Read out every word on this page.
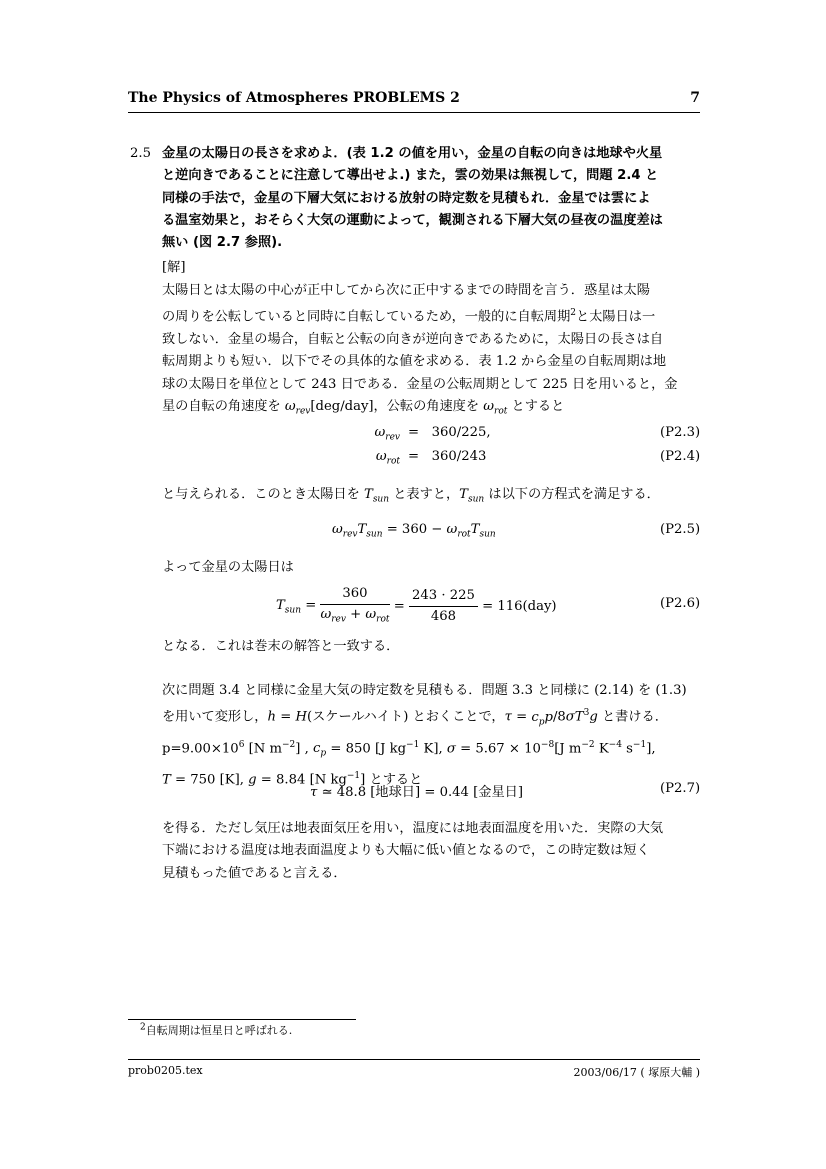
The Physics of Atmospheres PROBLEMS 2	7
2.5 金星の太陽日の長さを求めよ．(表 1.2 の値を用い，金星の自転の向きは地球や火星
と逆向きであることに注意して導出せよ.) また，雲の効果は無視して，問題 2.4 と
同様の手法で，金星の下層大気における放射の時定数を見積もれ．金星では雲によ
る温室効果と，おそらく大気の運動によって，観測される下層大気の昼夜の温度差は
無い (図 2.7 参照).
[解]
太陽日とは太陽の中心が正中してから次に正中するまでの時間を言う．惑星は太陽
の周りを公転していると同時に自転しているため，一般的に自転周期$^2$と太陽日は一
致しない．金星の場合，自転と公転の向きが逆向きであるために，太陽日の長さは自
転周期よりも短い．以下でその具体的な値を求める．表 1.2 から金星の自転周期は地
球の太陽日を単位として 243 日である．金星の公転周期として 225 日を用いると，金
星の自転の角速度を $\omega_{rev}[deg/day]$，公転の角速度を $\omega_{rot}$ とすると
$\omega_{rev} = 360/225$,	(P2.3)
$\omega_{rot} = 360/243$	(P2.4)
と与えられる．このとき太陽日を $T_{sun}$ と表すと，$T_{sun}$ は以下の方程式を満足する．
$\omega_{rev}T_{sun} = 360 - \omega_{rot}T_{sun}$	(P2.5)
よって金星の太陽日は
$T_{sun} = \frac{360}{\omega_{rev} + \omega_{rot}} = \frac{243 \cdot 225}{468} = 116(day)$	(P2.6)
となる．これは巻末の解答と一致する．
次に問題 3.4 と同様に金星大気の時定数を見積もる．問題 3.3 と同様に (2.14) を (1.3)
を用いて変形し，h = H(スケールハイト) とおくことで，$\tau = c_pp/8\sigma T^3g$ と書ける．
$p=9.00\times 10^6$ [N $m^{-2}$] , $c_p = 850$ [J $kg^{-1}$ K], $\sigma = 5.67 \times 10^{-8}[J$ $m^{-2}$ $K^{-4}$ $s^{-1}$],
T = 750 [K], g = 8.84 [N $kg^{-1}$] とすると
τ ≃ 48.8 [地球日] = 0.44 [金星日]	(P2.7)
を得る．ただし気圧は地表面気圧を用い，温度には地表面温度を用いた．実際の大気
下端における温度は地表面温度よりも大幅に低い値となるので，この時定数は短く
見積もった値であると言える．
$^2$自転周期は恒星日と呼ばれる.
prob0205.tex	2003/06/17 ( 塚原大輔 )
